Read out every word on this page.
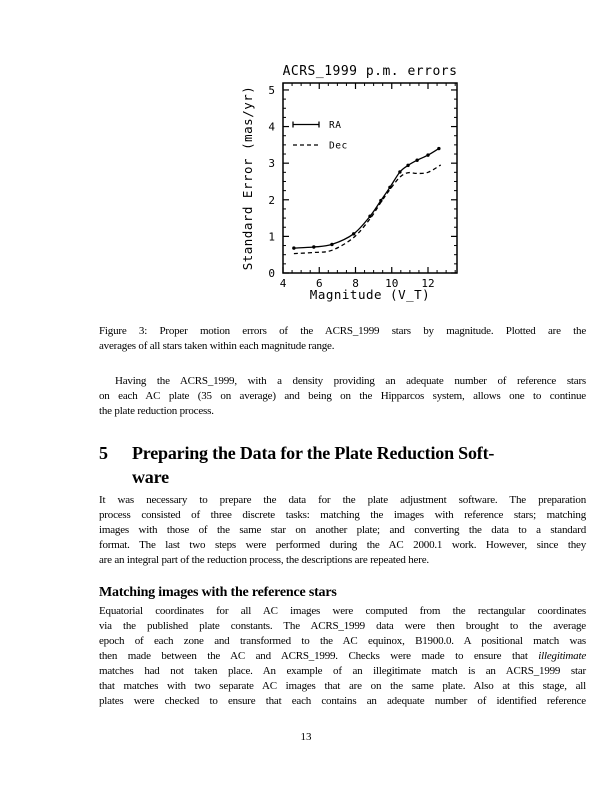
4	6	8 10 12
0
1
2
3
4
5
ACRS_1999 p.m. errors
Magnitude (V_T)
Standard Error (mas/yr)	RA
Dec
Figure 3: Proper motion errors of the ACRS_1999 stars by magnitude. Plotted are the
averages of all stars taken within each magnitude range.
Having the ACRS_1999, with a density providing an adequate number of reference stars
on each AC plate (35 on average) and being on the Hipparcos system, allows one to continue
the plate reduction process.
5 Preparing the Data for the Plate Reduction Soft-
ware
It was necessary to prepare the data for the plate adjustment software. The preparation
process consisted of three discrete tasks: matching the images with reference stars; matching
images with those of the same star on another plate; and converting the data to a standard
format. The last two steps were performed during the AC 2000.1 work. However, since they
are an integral part of the reduction process, the descriptions are repeated here.
Matching images with the reference stars
Equatorial coordinates for all AC images were computed from the rectangular coordinates
via the published plate constants. The ACRS_1999 data were then brought to the average
epoch of each zone and transformed to the AC equinox, B1900.0. A positional match was
then made between the AC and ACRS_1999. Checks were made to ensure that illegitimate
matches had not taken place. An example of an illegitimate match is an ACRS_1999 star
that matches with two separate AC images that are on the same plate. Also at this stage, all
plates were checked to ensure that each contains an adequate number of identified reference
13
